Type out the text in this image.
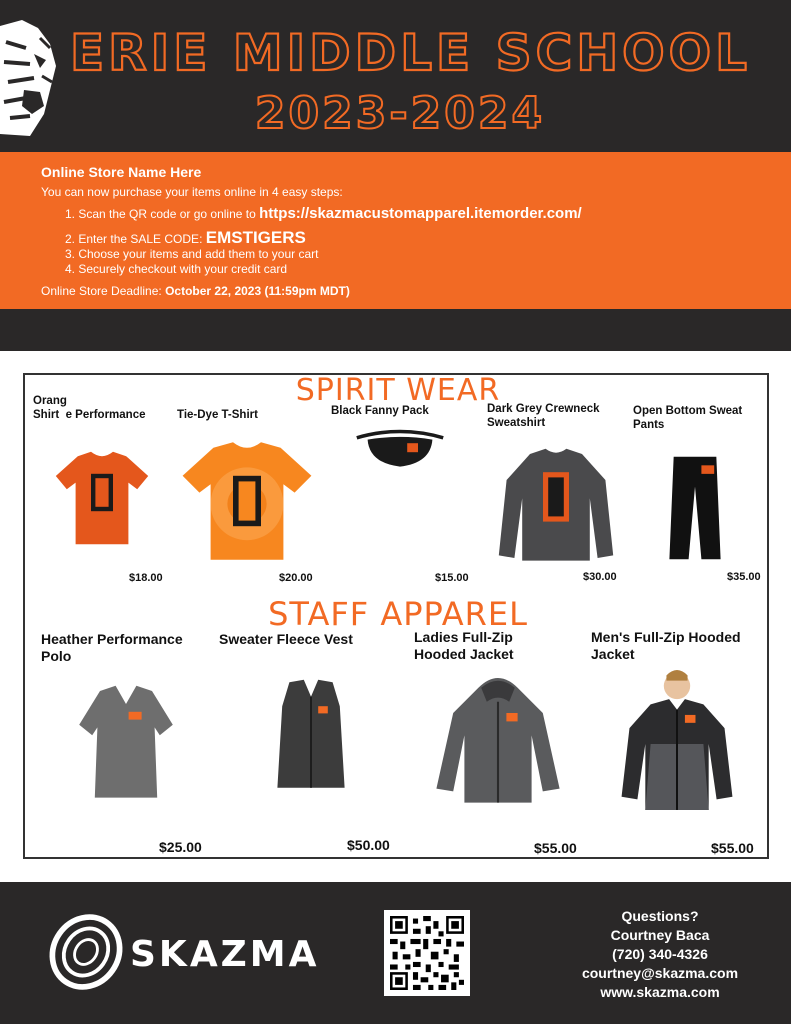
ERIE MIDDLE SCHOOL
2023-2024
Online Store Name Here
You can now purchase your items online in 4 easy steps:
1. Scan the QR code or go online to https://skazmacustomapparel.itemorder.com/
2. Enter the SALE CODE: EMSTIGERS
3. Choose your items and add them to your cart
4. Securely checkout with your credit card
Online Store Deadline: October 22, 2023 (11:59pm MDT)
SPIRIT WEAR
Orang
Shirt  e Performance
$18.00
Tie-Dye T-Shirt
$20.00
Black Fanny Pack
$15.00
Dark Grey Crewneck
Sweatshirt
$30.00
Open Bottom Sweat
Pants
$35.00
STAFF APPAREL
Heather Performance
Polo
$25.00
Sweater Fleece Vest
$50.00
Ladies Full-Zip
Hooded Jacket
$55.00
Men's Full-Zip Hooded
Jacket
$55.00
SKAZMA
Questions?
Courtney Baca
(720) 340-4326
courtney@skazma.com
www.skazma.com
